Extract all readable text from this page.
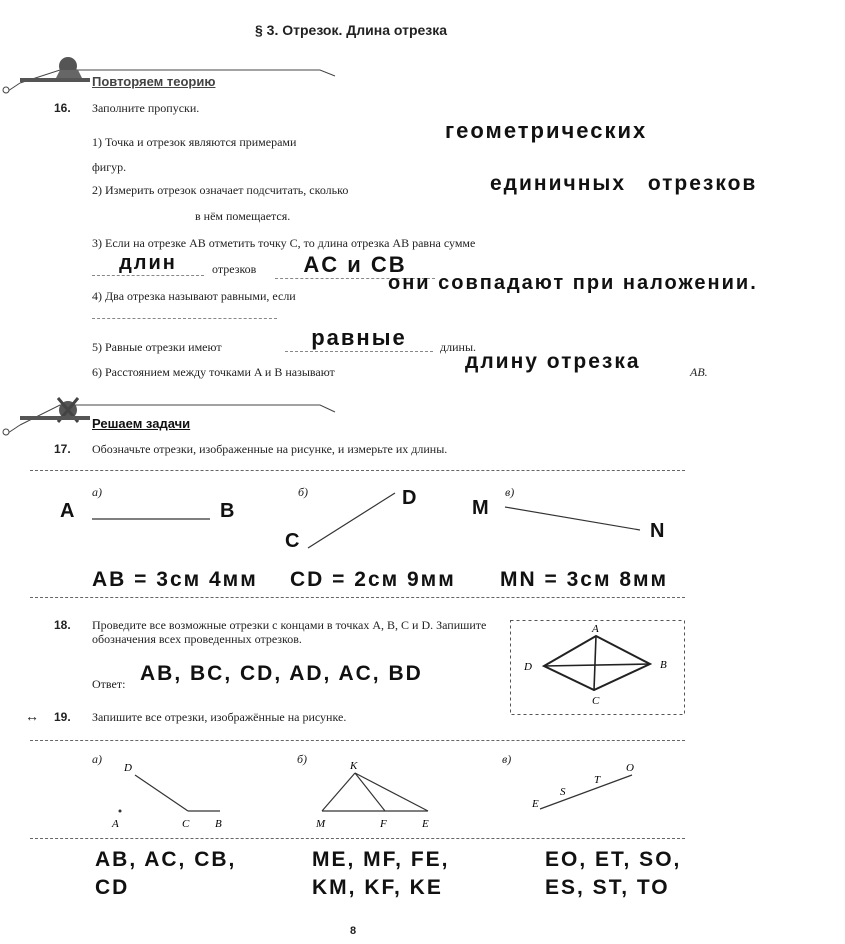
§ 3. Отрезок. Длина отрезка
Повторяем теорию
16. Заполните пропуски.
1) Точка и отрезок являются примерами	геометрических
фигур.
2) Измерить отрезок означает подсчитать, сколько	единичных отрезков
в нём помещается.
3) Если на отрезке AB отметить точку C, то длина отрезка AB равна сумме
длин	отрезков	AC и CB
4) Два отрезка называют равными, если
они совпадают при наложении.
5) Равные отрезки имеют	равные	длины.
6) Расстоянием между точками A и B называют	длину отрезка	AB.
Решаем задачи
17. Обозначьте отрезки, изображенные на рисунке, и измерьте их длины.
а)	б)	в)
A	B
C
D	M
N
AB = 3см 4мм CD = 2см 9мм MN = 3см 8мм
18. Проведите все возможные отрезки с концами в точках A, B, C и D. Запишите обозначения всех проведенных отрезков.
Ответ: AB, BC, CD, AD, AC, BD
A
B
C
D
↔ 19. Запишите все отрезки, изображённые на рисунке.
а)	б)	в)
D
A	C B
K
M	F	E
E
S
T
O
AB, AC, CB,
CD
ME, MF, FE,
KM, KF, KE
EO, ET, SO,
ES, ST, TO
8
